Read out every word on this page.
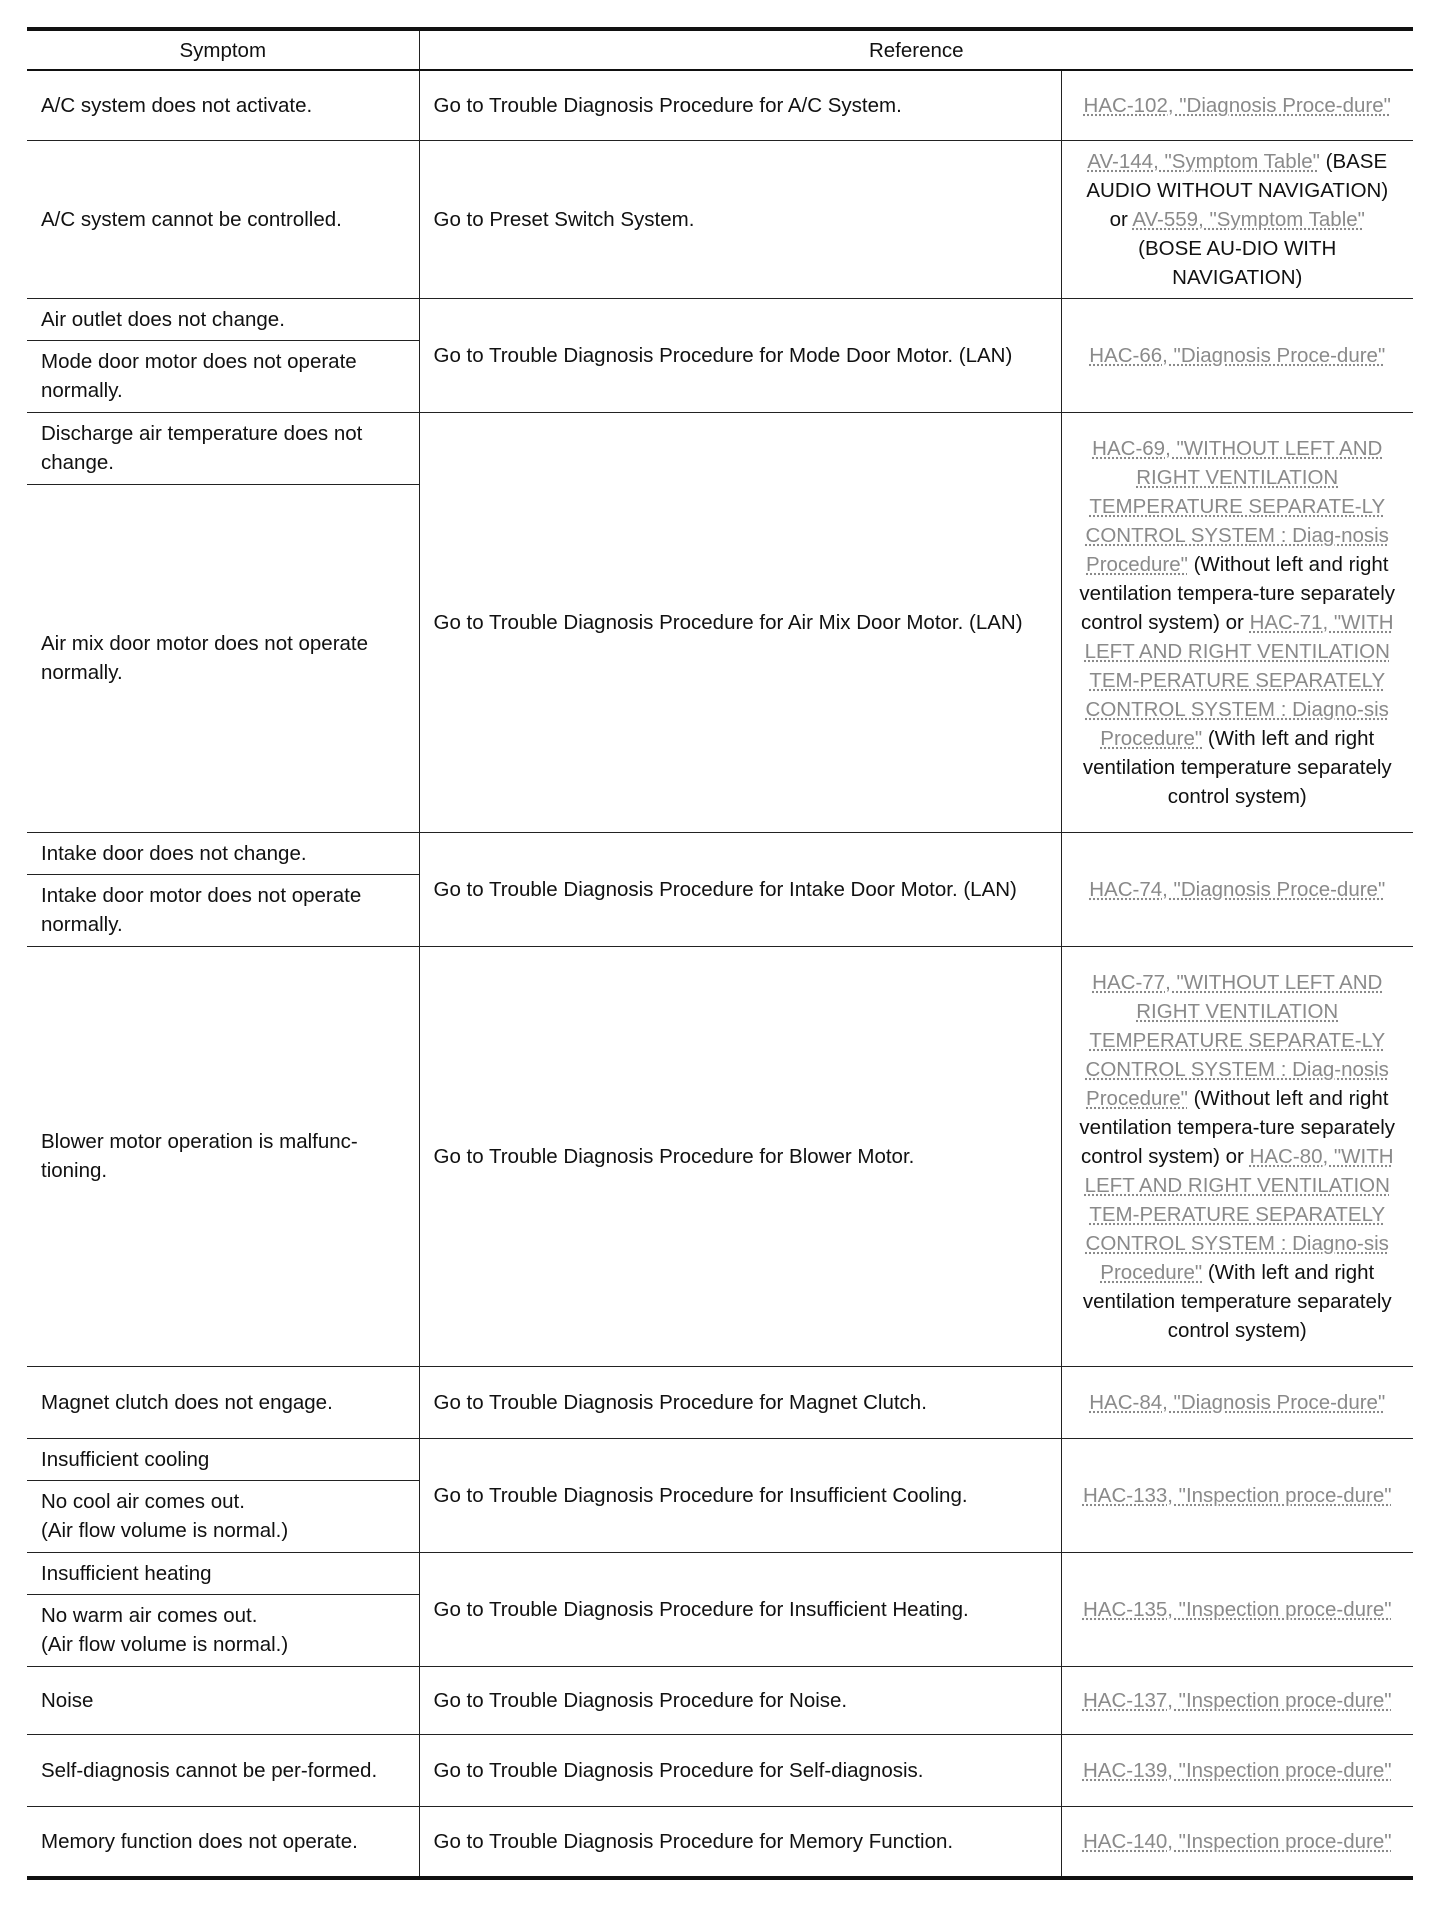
Symptom	Reference	
A/C system does not activate.	Go to Trouble Diagnosis Procedure for A/C System.	HAC-102, "Diagnosis Proce-dure"
A/C system cannot be controlled.	Go to Preset Switch System.	AV-144, "Symptom Table" (BASE AUDIO WITHOUT NAVIGATION) or AV-559, "Symptom Table" (BOSE AU-DIO WITH NAVIGATION)
Air outlet does not change.	Go to Trouble Diagnosis Procedure for Mode Door Motor. (LAN)	HAC-66, "Diagnosis Proce-dure"
Mode door motor does not operate normally.		
Discharge air temperature does not change.	Go to Trouble Diagnosis Procedure for Air Mix Door Motor. (LAN)	HAC-69, "WITHOUT LEFT AND RIGHT VENTILATION TEMPERATURE SEPARATE-LY CONTROL SYSTEM : Diag-nosis Procedure" (Without left and right ventilation tempera-ture separately control system) or HAC-71, "WITH LEFT AND RIGHT VENTILATION TEM-PERATURE SEPARATELY CONTROL SYSTEM : Diagno-sis Procedure" (With left and right ventilation temperature separately control system)
Air mix door motor does not operate normally.		
Intake door does not change.	Go to Trouble Diagnosis Procedure for Intake Door Motor. (LAN)	HAC-74, "Diagnosis Proce-dure"
Intake door motor does not operate normally.		
Blower motor operation is malfunc-tioning.	Go to Trouble Diagnosis Procedure for Blower Motor.	HAC-77, "WITHOUT LEFT AND RIGHT VENTILATION TEMPERATURE SEPARATE-LY CONTROL SYSTEM : Diag-nosis Procedure" (Without left and right ventilation tempera-ture separately control system) or HAC-80, "WITH LEFT AND RIGHT VENTILATION TEM-PERATURE SEPARATELY CONTROL SYSTEM : Diagno-sis Procedure" (With left and right ventilation temperature separately control system)
Magnet clutch does not engage.	Go to Trouble Diagnosis Procedure for Magnet Clutch.	HAC-84, "Diagnosis Proce-dure"
Insufficient cooling	Go to Trouble Diagnosis Procedure for Insufficient Cooling.	HAC-133, "Inspection proce-dure"
No cool air comes out.
(Air flow volume is normal.)		
Insufficient heating	Go to Trouble Diagnosis Procedure for Insufficient Heating.	HAC-135, "Inspection proce-dure"
No warm air comes out.
(Air flow volume is normal.)		
Noise	Go to Trouble Diagnosis Procedure for Noise.	HAC-137, "Inspection proce-dure"
Self-diagnosis cannot be per-formed.	Go to Trouble Diagnosis Procedure for Self-diagnosis.	HAC-139, "Inspection proce-dure"
Memory function does not operate.	Go to Trouble Diagnosis Procedure for Memory Function.	HAC-140, "Inspection proce-dure"
